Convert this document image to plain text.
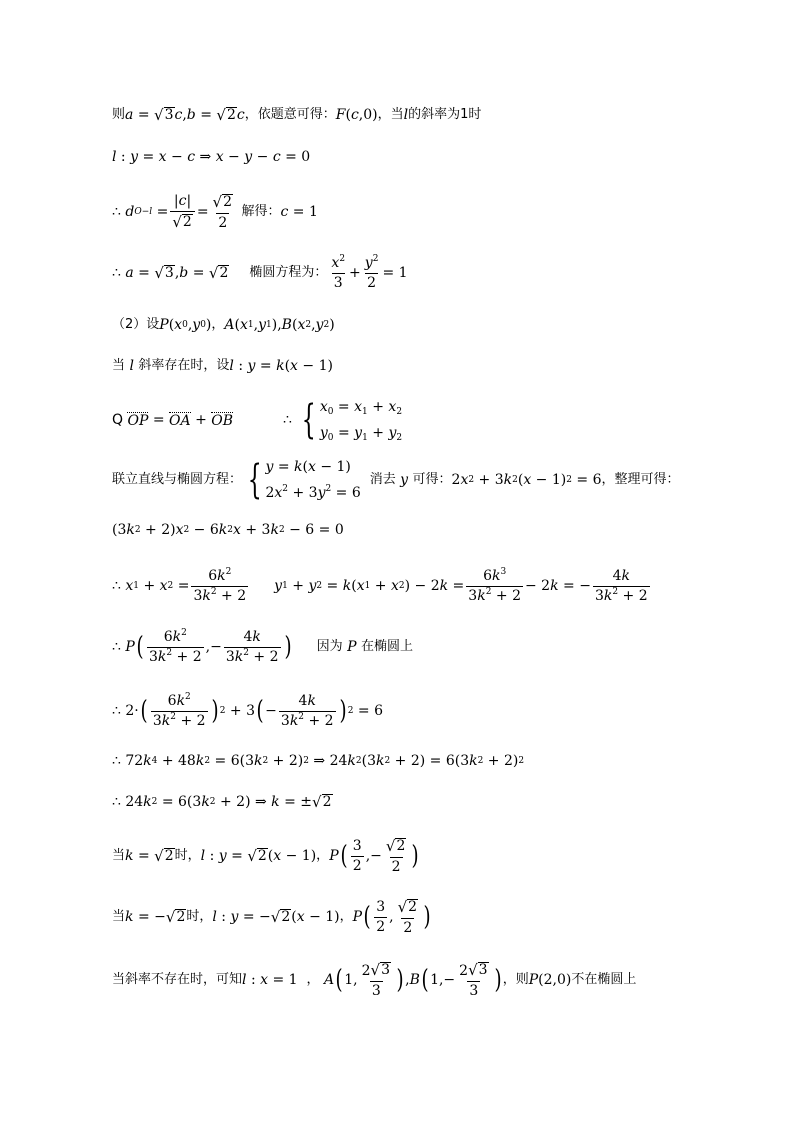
则 a = √ 3 c , b = √ 2 c ，依题意可得： F ( c ,0) ，当 l 的斜率为1时
l : y = x − c ⇒ x − y − c = 0
∴ d $O-l = \frac{|c|}{√ 2} = \frac{√ 2}{2}$
解得： c = 1
∴ a = √ 3 , b = √ 2 椭圆方程为： $\frac{x^2}{3} + \frac{y^2}{2} = 1$
（2）设 P ( x 0 , y 0 ) ， A ( x 1 , y 1 ), B ( x 2 , y 2 )
当 l 斜率存在时，设 l : y = k ( x − 1)
Q
OP = OA + OB	∴ { $x_0 = x_1 + x_2$
$y_0 = y_1 + y_2$
联立直线与椭圆方程： { y = k(x − 1)
$2x^2 + 3y^2 = 6$

消去 y 可得： 2 x 2 + 3 k 2 ( x − 1) 2 = 6 ，整理可得：
(3 k 2 + 2) x 2 − 6 k 2 x + 3 k 2 − 6 = 0
∴ x 1 + x $2 = \frac{6k^2}{3k^2 + 2}$ y 1 + y 2 = k ( x 1 + x 2 ) − 2 $k = \frac{6k^3}{3k^2 + 2} - 2$ k = − $\frac{4k}{3k^2 + 2}$
∴ P ( $\frac{6k^2}{3k^2 + 2}$ ,− $\frac{4k}{3k^2 + 2}$ ) 因为 P 在椭圆上
∴ 2· ( $\frac{6k^2}{3k^2 + 2}$ ) 2 + 3 ( − $\frac{4k}{3k^2 + 2}$ ) 2 = 6
∴ 72 k 4 + 48 k 2 = 6(3 k 2 + 2) 2 ⇒ 24 k 2 (3 k 2 + 2) = 6(3 k 2 + 2) 2
∴ 24 k 2 = 6(3 k 2 + 2) ⇒ k = ± √ 2
当 k = √ 2 时， l : y = √ 2 ( x − 1) ， P ( $\frac{3}{2}$ ,− $\frac{√ 2}{2}$ )
当 k = − √ 2 时， l : y = − √ 2 ( x − 1) ， P ( $\frac{3}{2}$ , $\frac{√ 2}{2}$ )
当斜率不存在时，可知 l : x = 1 ，
A ( 1, $\frac{2 √ 3}{3}$ ) , B ( $1,- \frac{2 √ 3}{3}$ ) ，则 P (2,0) 不在椭圆上
